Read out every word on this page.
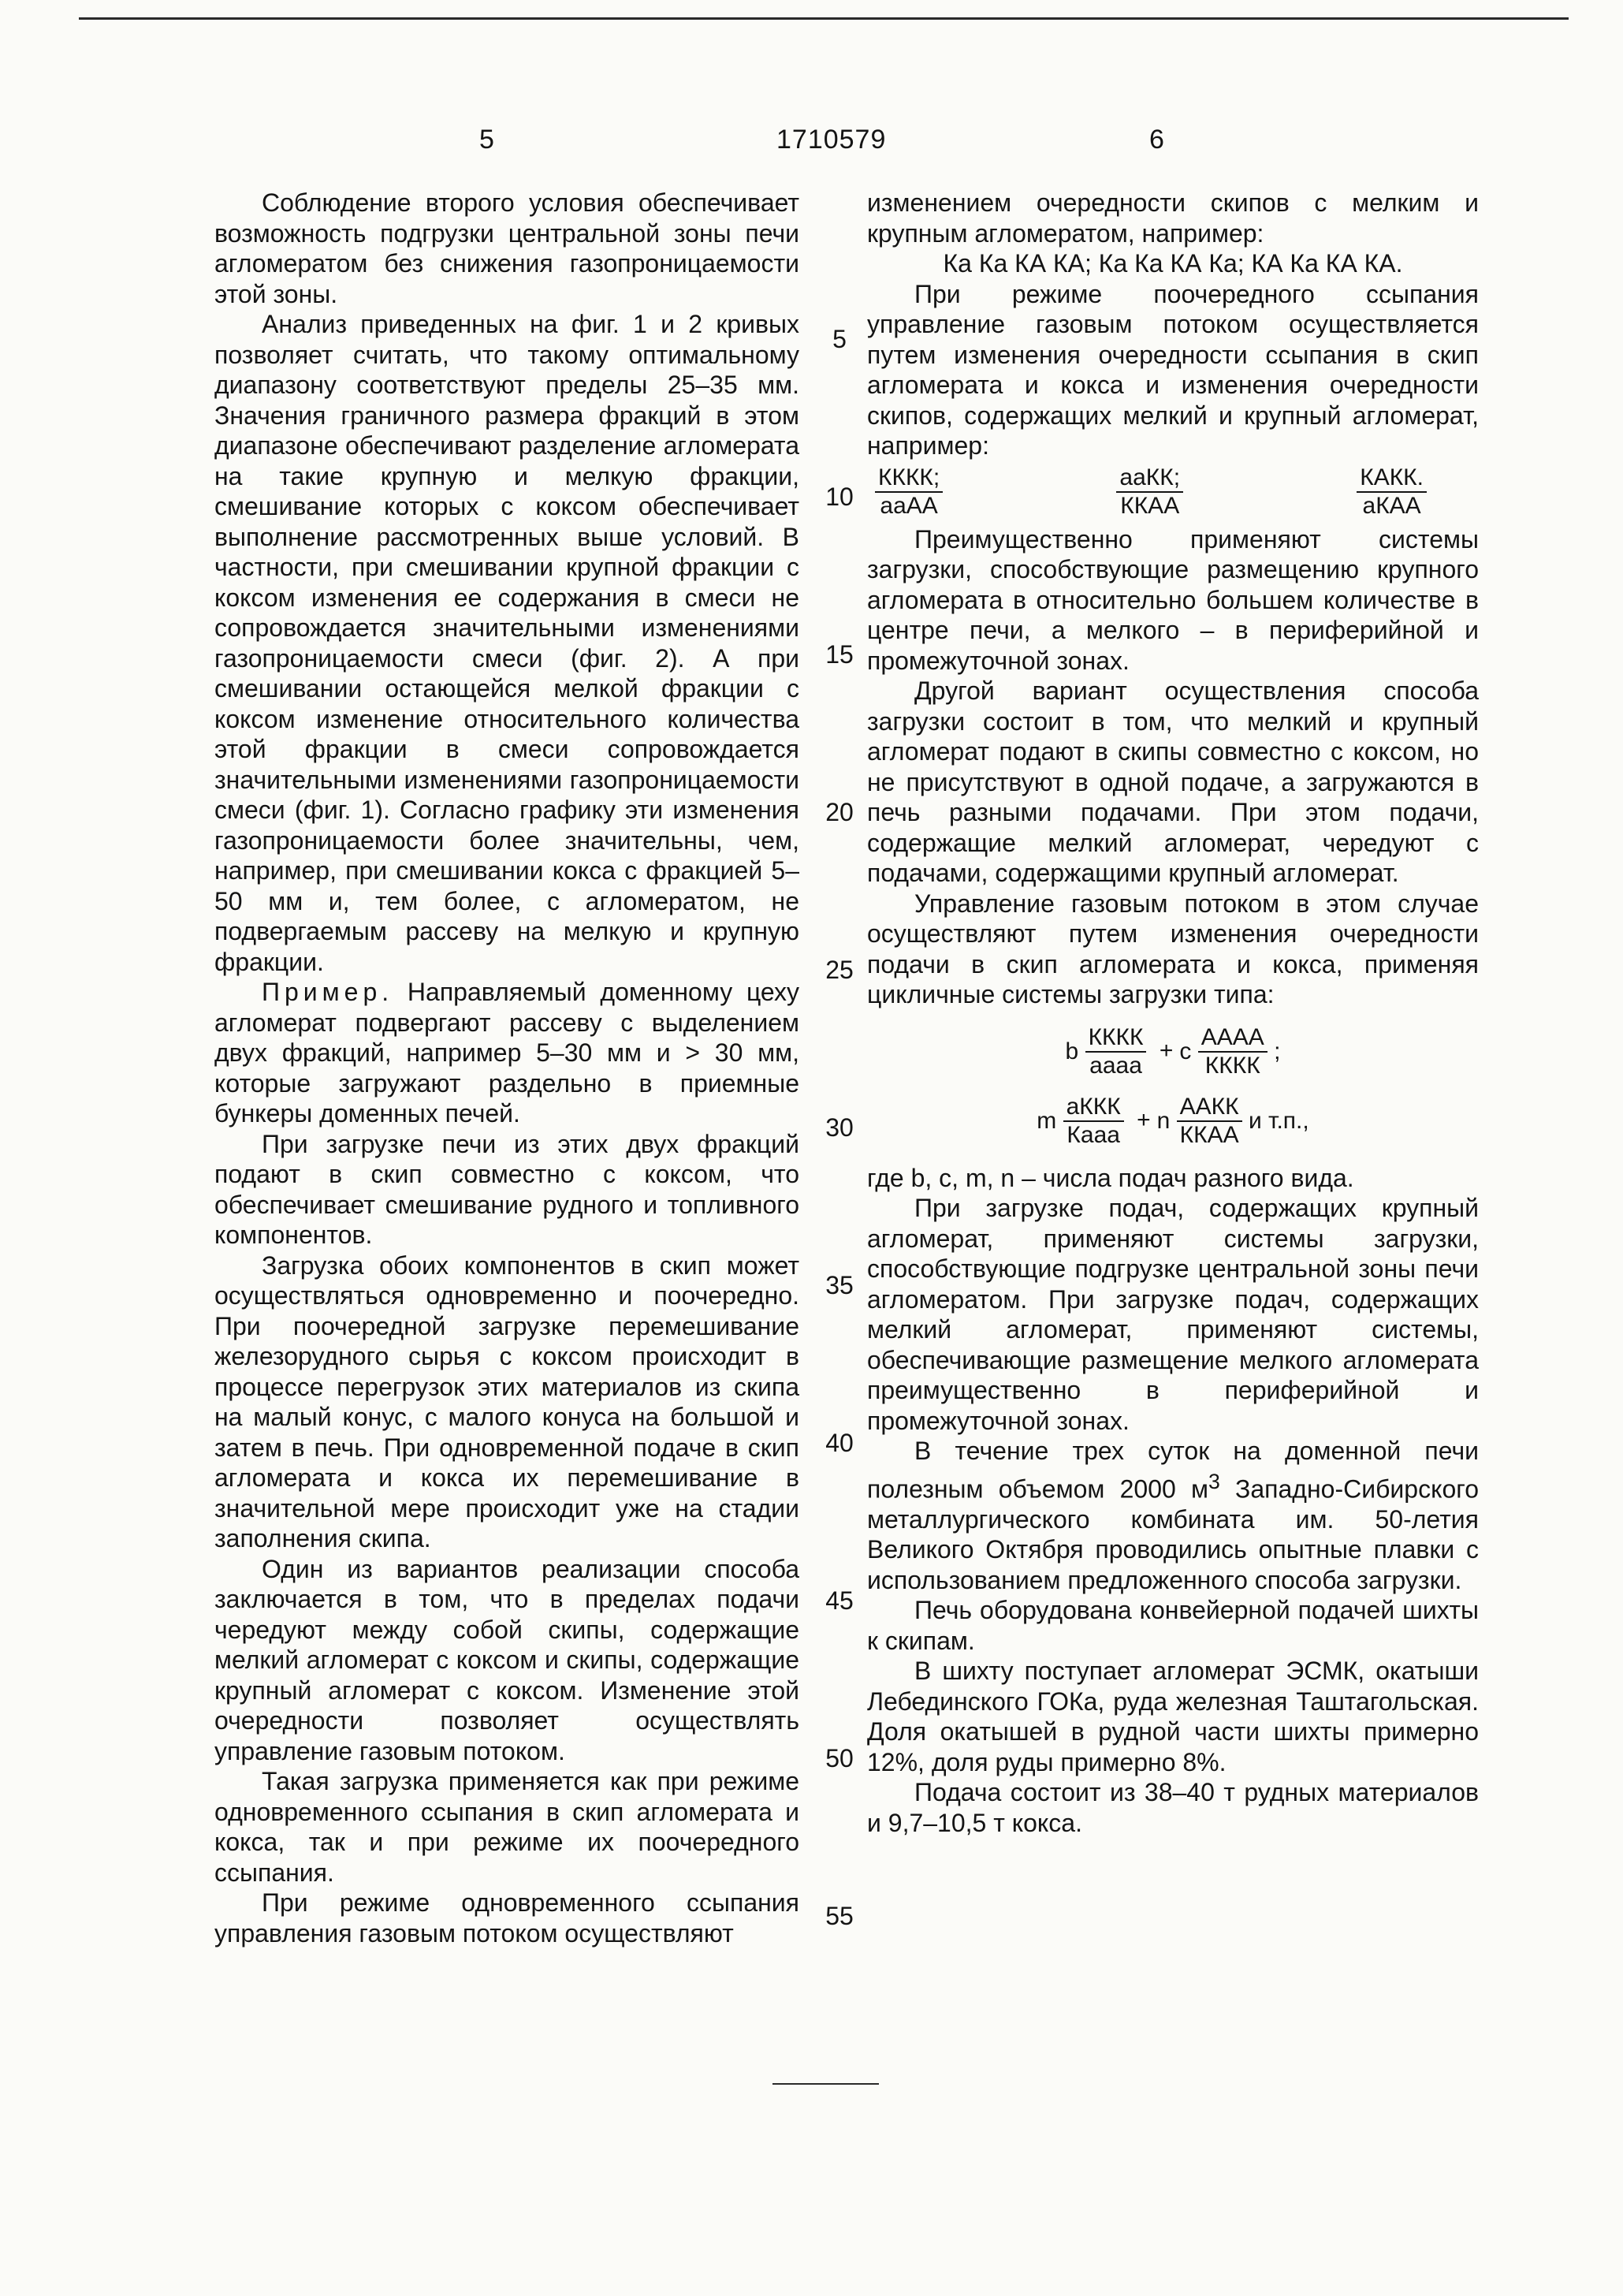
5	1710579	6

Соблюдение второго условия обеспечивает возможность подгрузки центральной зоны печи агломератом без снижения газопроницаемости этой зоны.

Анализ приведенных на фиг. 1 и 2 кривых позволяет считать, что такому оптимальному диапазону соответствуют пределы 25–35 мм. Значения граничного размера фракций в этом диапазоне обеспечивают разделение агломерата на такие крупную и мелкую фракции, смешивание которых с коксом обеспечивает выполнение рассмотренных выше условий. В частности, при смешивании крупной фракции с коксом изменения ее содержания в смеси не сопровождается значительными изменениями газопроницаемости смеси (фиг. 2). А при смешивании остающейся мелкой фракции с коксом изменение относительного количества этой фракции в смеси сопровождается значительными изменениями газопроницаемости смеси (фиг. 1). Согласно графику эти изменения газопроницаемости более значительны, чем, например, при смешивании кокса с фракцией 5–50 мм и, тем более, с агломератом, не подвергаемым рассеву на мелкую и крупную фракции.

Пример. Направляемый доменному цеху агломерат подвергают рассеву с выделением двух фракций, например 5–30 мм и > 30 мм, которые загружают раздельно в приемные бункеры доменных печей.

При загрузке печи из этих двух фракций подают в скип совместно с коксом, что обеспечивает смешивание рудного и топливного компонентов.

Загрузка обоих компонентов в скип может осуществляться одновременно и поочередно. При поочередной загрузке перемешивание железорудного сырья с коксом происходит в процессе перегрузок этих материалов из скипа на малый конус, с малого конуса на большой и затем в печь. При одновременной подаче в скип агломерата и кокса их перемешивание в значительной мере происходит уже на стадии заполнения скипа.

Один из вариантов реализации способа заключается в том, что в пределах подачи чередуют между собой скипы, содержащие мелкий агломерат с коксом и скипы, содержащие крупный агломерат с коксом. Изменение этой очередности позволяет осуществлять управление газовым потоком.

Такая загрузка применяется как при режиме одновременного ссыпания в скип агломерата и кокса, так и при режиме их поочередного ссыпания.

При режиме одновременного ссыпания управления газовым потоком осуществляют

изменением очередности скипов с мелким и крупным агломератом, например:

Ка Ка КА КА; Ка Ка КА Ка; КА Ка КА КА.

При режиме поочередного ссыпания управление газовым потоком осуществляется путем изменения очередности ссыпания в скип агломерата и кокса и изменения очередности скипов, содержащих мелкий и крупный агломерат, например:

$\frac{\text{КККК;}}{\text{ааАА}}$	$\frac{\text{ааКК;}}{\text{ККАА}}$	$\frac{\text{КАКК.}}{\text{аКАА}}$

Преимущественно применяют системы загрузки, способствующие размещению крупного агломерата в относительно большем количестве в центре печи, а мелкого – в периферийной и промежуточной зонах.

Другой вариант осуществления способа загрузки состоит в том, что мелкий и крупный агломерат подают в скипы совместно с коксом, но не присутствуют в одной подаче, а загружаются в печь разными подачами. При этом подачи, содержащие мелкий агломерат, чередуют с подачами, содержащими крупный агломерат.

Управление газовым потоком в этом случае осуществляют путем изменения очередности подачи в скип агломерата и кокса, применяя цикличные системы загрузки типа:

b $\frac{\text{КККК}}{\text{аааа}} + c \frac{\text{АААА}}{\text{КККК}}$ ;
m $\frac{\text{аККК}}{\text{Каaа}} + n \frac{\text{ААКК}}{\text{ККАА}}$ и т.п.,

где b, c, m, n – числа подач разного вида.

При загрузке подач, содержащих крупный агломерат, применяют системы загрузки, способствующие подгрузке центральной зоны печи агломератом. При загрузке подач, содержащих мелкий агломерат, применяют системы, обеспечивающие размещение мелкого агломерата преимущественно в периферийной и промежуточной зонах.

В течение трех суток на доменной печи полезным объемом 2000 $м^3$ Западно-Сибирского металлургического комбината им. 50-летия Великого Октября проводились опытные плавки с использованием предложенного способа загрузки.

Печь оборудована конвейерной подачей шихты к скипам.

В шихту поступает агломерат ЭСМК, окатыши Лебединского ГОКа, руда железная Таштагольская. Доля окатышей в рудной части шихты примерно 12%, доля руды примерно 8%.

Подача состоит из 38–40 т рудных материалов и 9,7–10,5 т кокса.

5
10
15
20
25
30
35
40
45
50
55
